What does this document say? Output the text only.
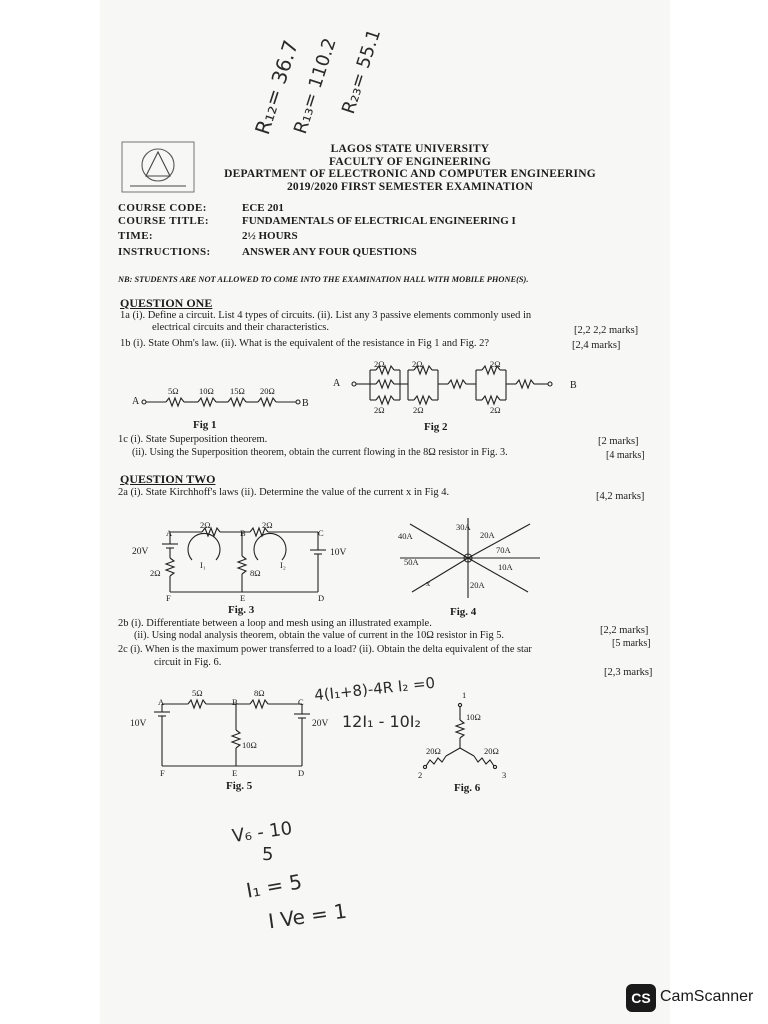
R₁₂= 36.7
R₁₃= 110.2
R₂₃= 55.1
LAGOS STATE UNIVERSITY
FACULTY OF ENGINEERING
DEPARTMENT OF ELECTRONIC AND COMPUTER ENGINEERING
2019/2020 FIRST SEMESTER EXAMINATION
COURSE CODE:	ECE 201
COURSE TITLE:	FUNDAMENTALS OF ELECTRICAL ENGINEERING I
TIME:	2½ HOURS
INSTRUCTIONS:	ANSWER ANY FOUR QUESTIONS
NB: STUDENTS ARE NOT ALLOWED TO COME INTO THE EXAMINATION HALL WITH MOBILE PHONE(S).
QUESTION ONE
1a (i). Define a circuit. List 4 types of circuits. (ii). List any 3 passive elements commonly used in
electrical circuits and their characteristics.	[2,2 2,2 marks]
1b (i). State Ohm's law. (ii). What is the equivalent of the resistance in Fig 1 and Fig. 2?	[2,4 marks]
A	B
5Ω 10Ω 15Ω 20Ω
Fig 1
A	B
2Ω	2Ω
2Ω	2Ω
2Ω
2Ω
Fig 2
1c (i). State Superposition theorem.	[2 marks]
(ii). Using the Superposition theorem, obtain the current flowing in the 8Ω resistor in Fig. 3.	[4 marks]
QUESTION TWO
2a (i). State Kirchhoff's laws (ii). Determine the value of the current x in Fig 4.	[4,2 marks]
20V	10V
2Ω
2Ω	2Ω
8Ω
I₁	I₂
A	B	C
D
E
F
Fig. 3
30A
40A	20A
70A
50A	10A
x	20A
Fig. 4
2b (i). Differentiate between a loop and mesh using an illustrated example.
[2,2 marks]
(ii). Using nodal analysis theorem, obtain the value of current in the 10Ω resistor in Fig 5.
[5 marks]
2c (i). When is the maximum power transferred to a load? (ii). Obtain the delta equivalent of the star
circuit in Fig. 6.
[2,3 marks]
10V	20V
5Ω	8Ω
10Ω
A	B	C
D
E
F
Fig. 5
10Ω
20Ω	20Ω
1
2	3
Fig. 6
4(I₁+8)-4R I₂ =0
12I₁ - 10I₂
V₆ - 10
5
I₁ = 5
I Ve = 1
CS CamScanner
